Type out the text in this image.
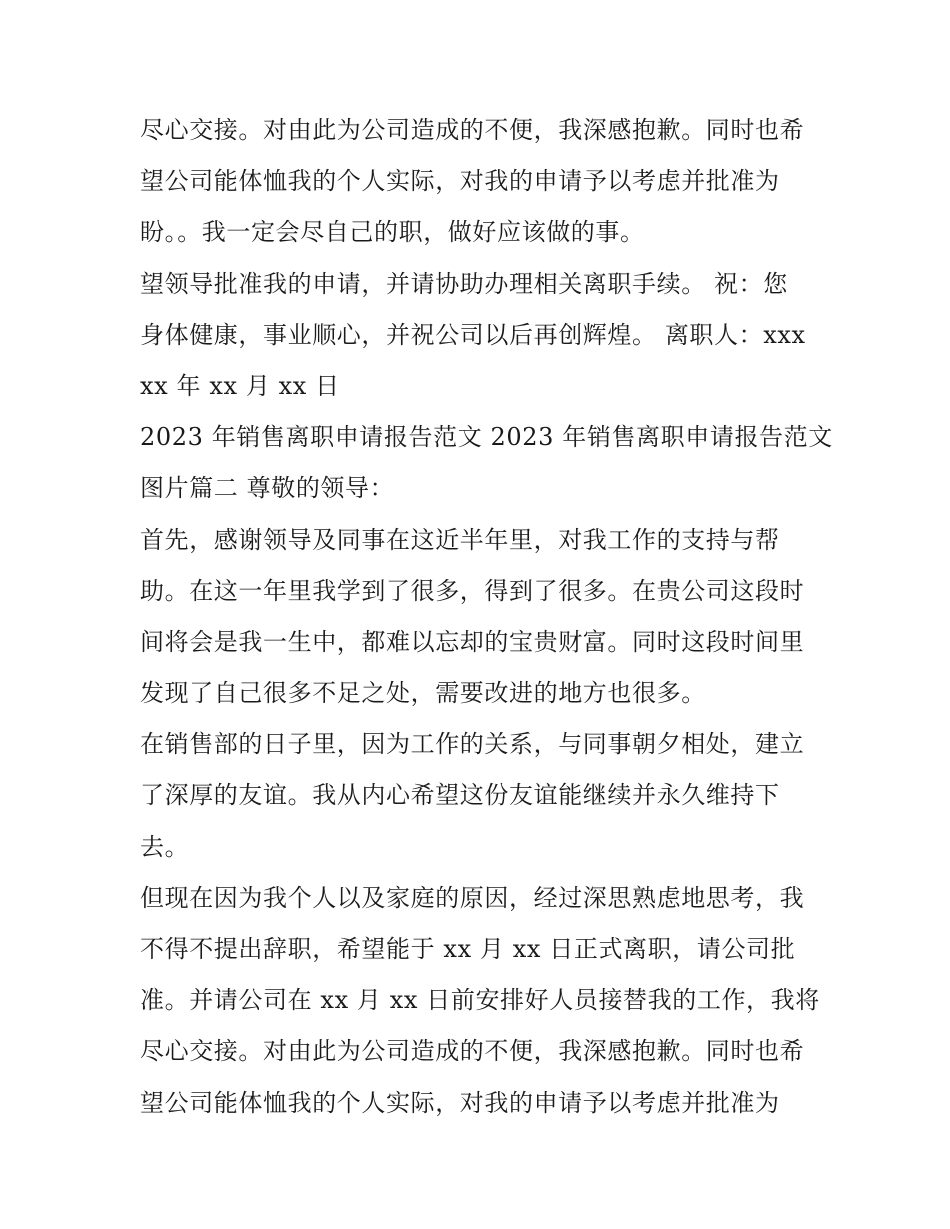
尽心交接。对由此为公司造成的不便，我深感抱歉。同时也希
望公司能体恤我的个人实际，对我的申请予以考虑并批准为
盼。。我一定会尽自己的职，做好应该做的事。
望领导批准我的申请，并请协助办理相关离职手续。 祝：您
身体健康，事业顺心，并祝公司以后再创辉煌。 离职人：xxx
xx 年 xx 月 xx 日
2023 年销售离职申请报告范文 2023 年销售离职申请报告范文
图片篇二 尊敬的领导：
首先，感谢领导及同事在这近半年里，对我工作的支持与帮
助。在这一年里我学到了很多，得到了很多。在贵公司这段时
间将会是我一生中，都难以忘却的宝贵财富。同时这段时间里
发现了自己很多不足之处，需要改进的地方也很多。
在销售部的日子里，因为工作的关系，与同事朝夕相处，建立
了深厚的友谊。我从内心希望这份友谊能继续并永久维持下
去。
但现在因为我个人以及家庭的原因，经过深思熟虑地思考，我
不得不提出辞职，希望能于 xx 月 xx 日正式离职，请公司批
准。并请公司在 xx 月 xx 日前安排好人员接替我的工作，我将
尽心交接。对由此为公司造成的不便，我深感抱歉。同时也希
望公司能体恤我的个人实际，对我的申请予以考虑并批准为
